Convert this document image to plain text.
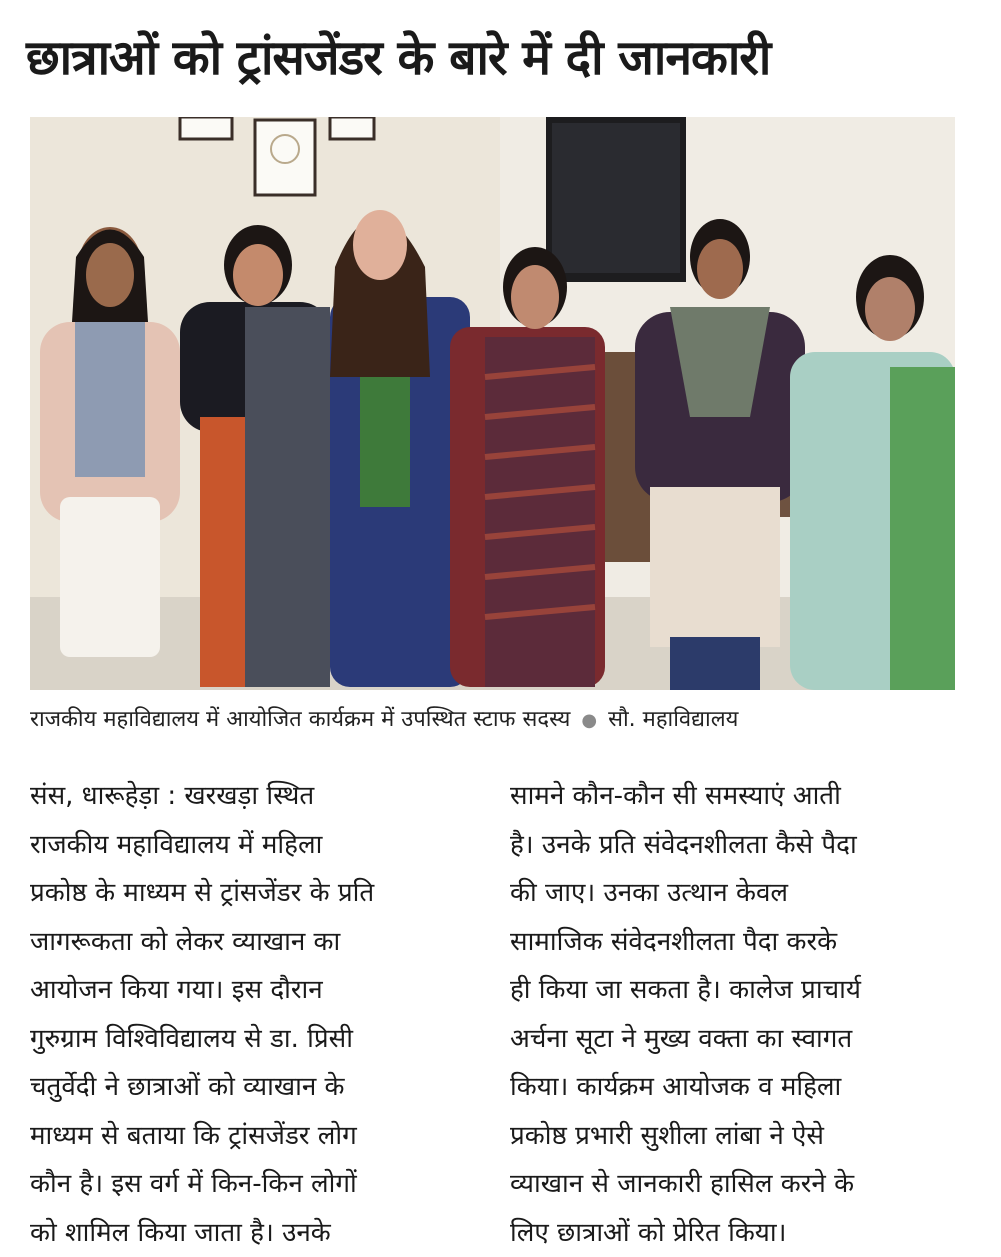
छात्राओं को ट्रांसजेंडर के बारे में दी जानकारी
राजकीय महाविद्यालय में आयोजित कार्यक्रम में उपस्थित स्टाफ सदस्य ● सौ. महाविद्यालय
संस, धारूहेड़ा : खरखड़ा स्थित
राजकीय महाविद्यालय में महिला
प्रकोष्ठ के माध्यम से ट्रांसजेंडर के प्रति
जागरूकता को लेकर व्याखान का
आयोजन किया गया। इस दौरान
गुरुग्राम विश्विविद्यालय से डा. प्रिसी
चतुर्वेदी ने छात्राओं को व्याखान के
माध्यम से बताया कि ट्रांसजेंडर लोग
कौन है। इस वर्ग में किन-किन लोगों
को शामिल किया जाता है। उनके
सामने कौन-कौन सी समस्याएं आती
है। उनके प्रति संवेदनशीलता कैसे पैदा
की जाए। उनका उत्थान केवल
सामाजिक संवेदनशीलता पैदा करके
ही किया जा सकता है। कालेज प्राचार्य
अर्चना सूटा ने मुख्य वक्ता का स्वागत
किया। कार्यक्रम आयोजक व महिला
प्रकोष्ठ प्रभारी सुशीला लांबा ने ऐसे
व्याखान से जानकारी हासिल करने के
लिए छात्राओं को प्रेरित किया।
